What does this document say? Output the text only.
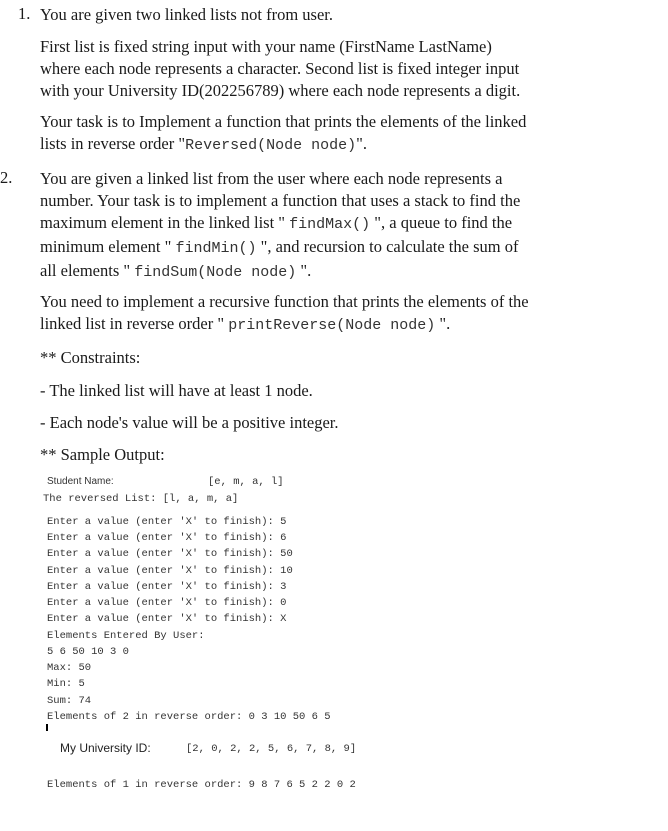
1. You are given two linked lists not from user.
First list is fixed string input with your name (FirstName LastName)
where each node represents a character. Second list is fixed integer input
with your University ID(202256789) where each node represents a digit.
Your task is to Implement a function that prints the elements of the linked
lists in reverse order "Reversed(Node node)".
2. You are given a linked list from the user where each node represents a
number. Your task is to implement a function that uses a stack to find the
maximum element in the linked list " findMax() ", a queue to find the
minimum element " findMin() ", and recursion to calculate the sum of
all elements " findSum(Node node) ".
You need to implement a recursive function that prints the elements of the
linked list in reverse order " printReverse(Node node) ".
** Constraints:
- The linked list will have at least 1 node.
- Each node's value will be a positive integer.
** Sample Output:
Student Name:	[e, m, a, l]
The reversed List: [l, a, m, a]
Enter a value (enter 'X' to finish): 5
Enter a value (enter 'X' to finish): 6
Enter a value (enter 'X' to finish): 50
Enter a value (enter 'X' to finish): 10
Enter a value (enter 'X' to finish): 3
Enter a value (enter 'X' to finish): 0
Enter a value (enter 'X' to finish): X
Elements Entered By User:
5 6 50 10 3 0
Max: 50
Min: 5
Sum: 74
Elements of 2 in reverse order: 0 3 10 50 6 5
My University ID:	[2, 0, 2, 2, 5, 6, 7, 8, 9]
Elements of 1 in reverse order: 9 8 7 6 5 2 2 0 2
